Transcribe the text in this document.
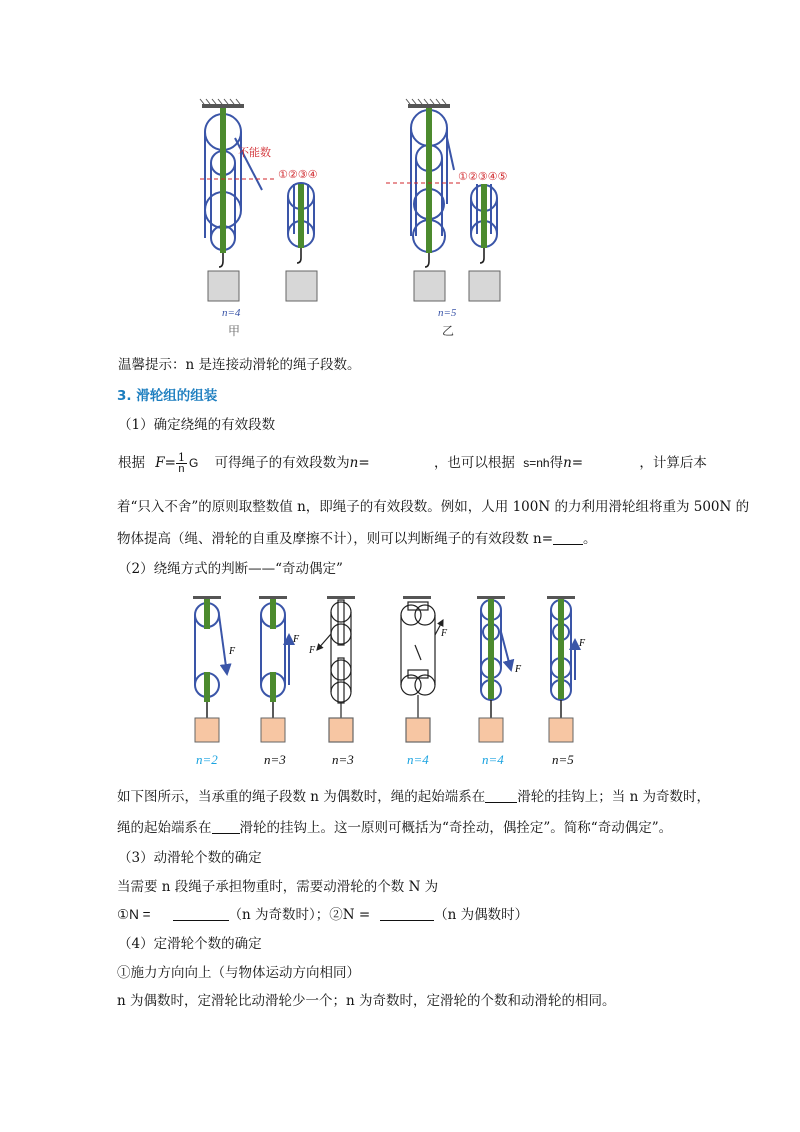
不能数
①②③④	①②③④⑤
n=4
甲
n=5
乙
温馨提示：n 是连接动滑轮的绳子段数。
3. 滑轮组的组装
（1）确定绕绳的有效段数
根据 $F= \frac{1}{n}$ G 可得绳子的有效段数为n=	，也可以根据 s=nh得n=	，计算后本
着“只入不舍”的原则取整数值 n，即绳子的有效段数。例如，人用 100N 的力利用滑轮组将重为 500N 的
物体提高（绳、滑轮的自重及摩擦不计），则可以判断绳子的有效段数 n= 。
（2）绕绳方式的判断——“奇动偶定”
F
F
F
F
F
F
n=2	n=3	n=3	n=4	n=4	n=5
如下图所示，当承重的绳子段数 n 为偶数时，绳的起始端系在 滑轮的挂钩上；当 n 为奇数时，
绳的起始端系在 滑轮的挂钩上。这一原则可概括为“奇拴动，偶拴定”。简称“奇动偶定”。
（3）动滑轮个数的确定
当需要 n 段绳子承担物重时，需要动滑轮的个数 N 为
①N =	（n 为奇数时）；②N =	（n 为偶数时）
（4）定滑轮个数的确定
①施力方向向上（与物体运动方向相同）
n 为偶数时，定滑轮比动滑轮少一个；n 为奇数时，定滑轮的个数和动滑轮的相同。
